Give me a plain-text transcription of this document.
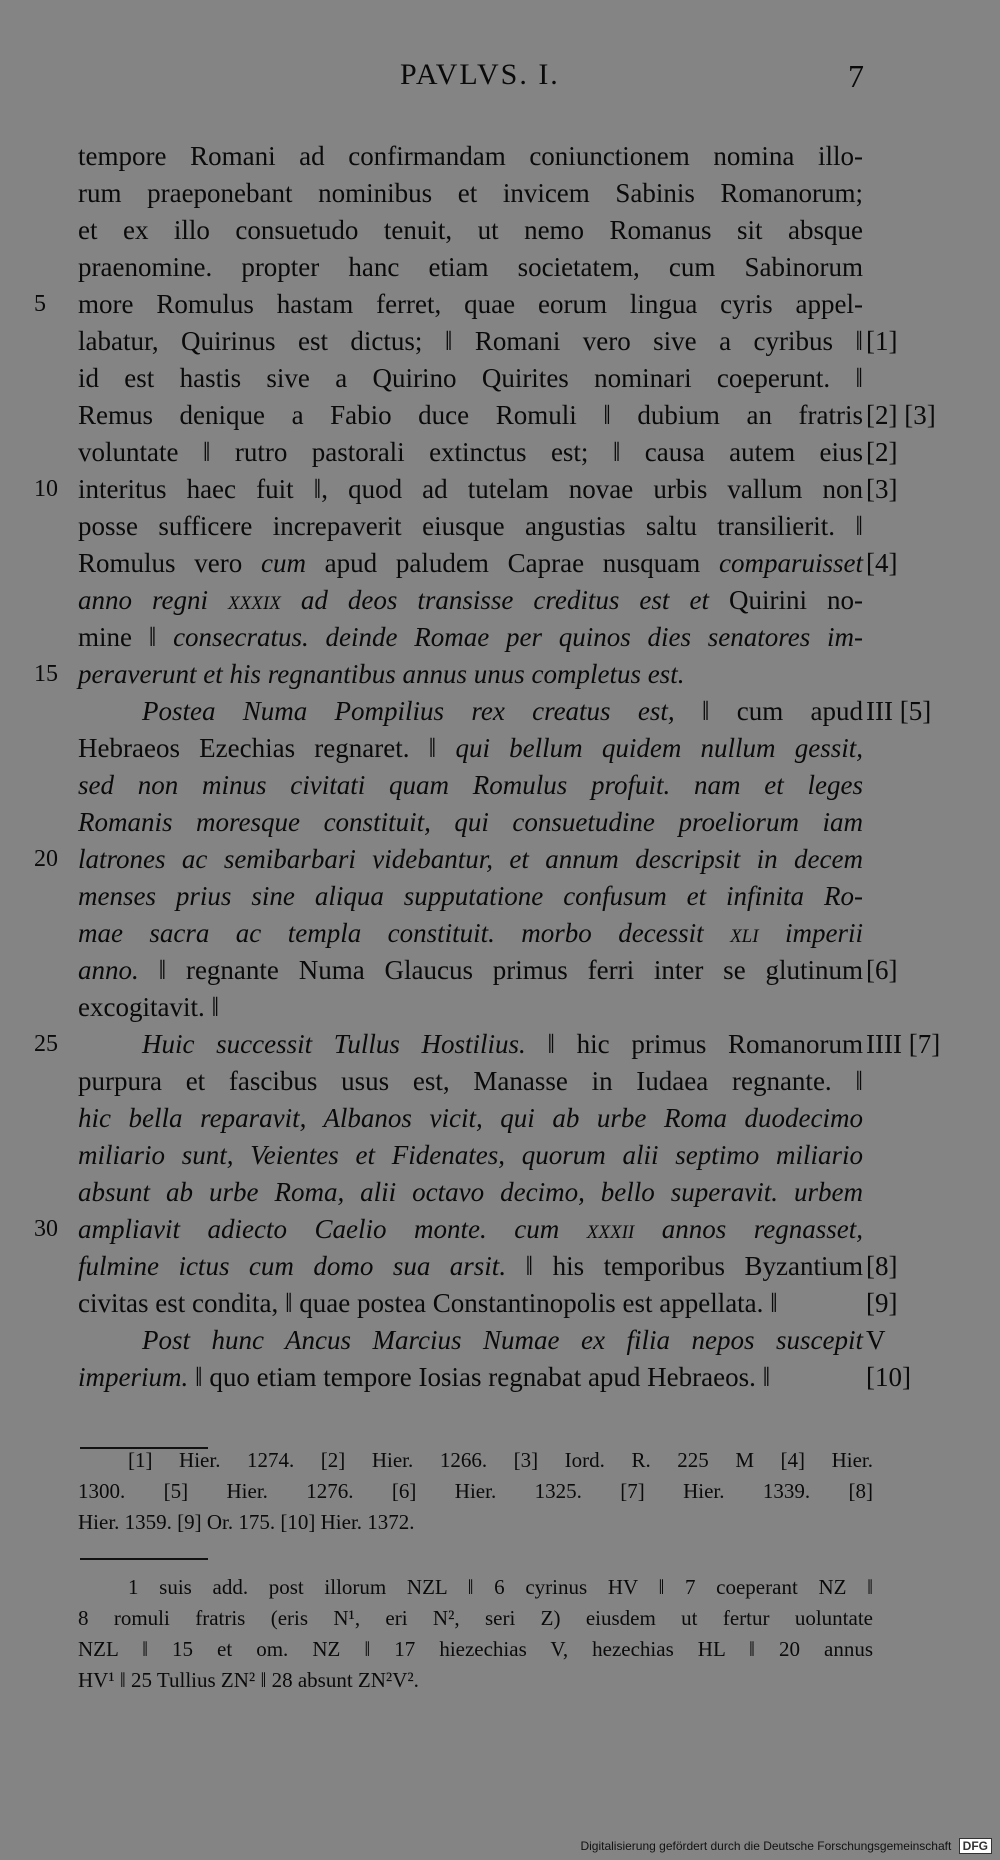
PAVLVS. I.	7
tempore Romani ad confirmandam coniunctionem nomina illo-
rum praeponebant nominibus et invicem Sabinis Romanorum;
et ex illo consuetudo tenuit, ut nemo Romanus sit absque
praenomine. propter hanc etiam societatem, cum Sabinorum
5	more Romulus hastam ferret, quae eorum lingua cyris appel-
labatur, Quirinus est dictus; ‖ Romani vero sive a cyribus ‖ [1]
id est hastis sive a Quirino Quirites nominari coeperunt. ‖
Remus denique a Fabio duce Romuli ‖ dubium an fratris [2] [3]
voluntate ‖ rutro pastorali extinctus est; ‖ causa autem eius [2]
10 interitus haec fuit ‖, quod ad tutelam novae urbis vallum non [3]
posse sufficere increpaverit eiusque angustias saltu transilierit. ‖
Romulus vero cum apud paludem Caprae nusquam comparuisset [4]
anno regni xxxix ad deos transisse creditus est et Quirini no-
mine ‖ consecratus. deinde Romae per quinos dies senatores im-
15 peraverunt et his regnantibus annus unus completus est.
Postea Numa Pompilius rex creatus est, ‖ cum apud III [5]
Hebraeos Ezechias regnaret. ‖ qui bellum quidem nullum gessit,
sed non minus civitati quam Romulus profuit. nam et leges
Romanis moresque constituit, qui consuetudine proeliorum iam
20 latrones ac semibarbari videbantur, et annum descripsit in decem
menses prius sine aliqua supputatione confusum et infinita Ro-
mae sacra ac templa constituit. morbo decessit xli imperii
anno. ‖ regnante Numa Glaucus primus ferri inter se glutinum [6]
excogitavit. ‖
25	Huic successit Tullus Hostilius. ‖ hic primus Romanorum IIII [7]
purpura et fascibus usus est, Manasse in Iudaea regnante. ‖
hic bella reparavit, Albanos vicit, qui ab urbe Roma duodecimo
miliario sunt, Veientes et Fidenates, quorum alii septimo miliario
absunt ab urbe Roma, alii octavo decimo, bello superavit. urbem
30 ampliavit adiecto Caelio monte. cum xxxii annos regnasset,
fulmine ictus cum domo sua arsit. ‖ his temporibus Byzantium [8]
civitas est condita, ‖ quae postea Constantinopolis est appellata. ‖	[9]
Post hunc Ancus Marcius Numae ex filia nepos suscepit V
imperium. ‖ quo etiam tempore Iosias regnabat apud Hebraeos. ‖	[10]
[1] Hier. 1274. [2] Hier. 1266. [3] Iord. R. 225 M [4] Hier.
1300. [5] Hier. 1276. [6] Hier. 1325. [7] Hier. 1339. [8]
Hier. 1359. [9] Or. 175. [10] Hier. 1372.
1 suis add. post illorum NZL ‖ 6 cyrinus HV ‖ 7 coeperant NZ ‖
8 romuli fratris (eris N¹, eri N², seri Z) eiusdem ut fertur uoluntate
NZL ‖ 15 et om. NZ ‖ 17 hiezechias V, hezechias HL ‖ 20 annus
HV¹ ‖ 25 Tullius ZN² ‖ 28 absunt ZN²V².
Digitalisierung gefördert durch die Deutsche Forschungsgemeinschaft DFG
